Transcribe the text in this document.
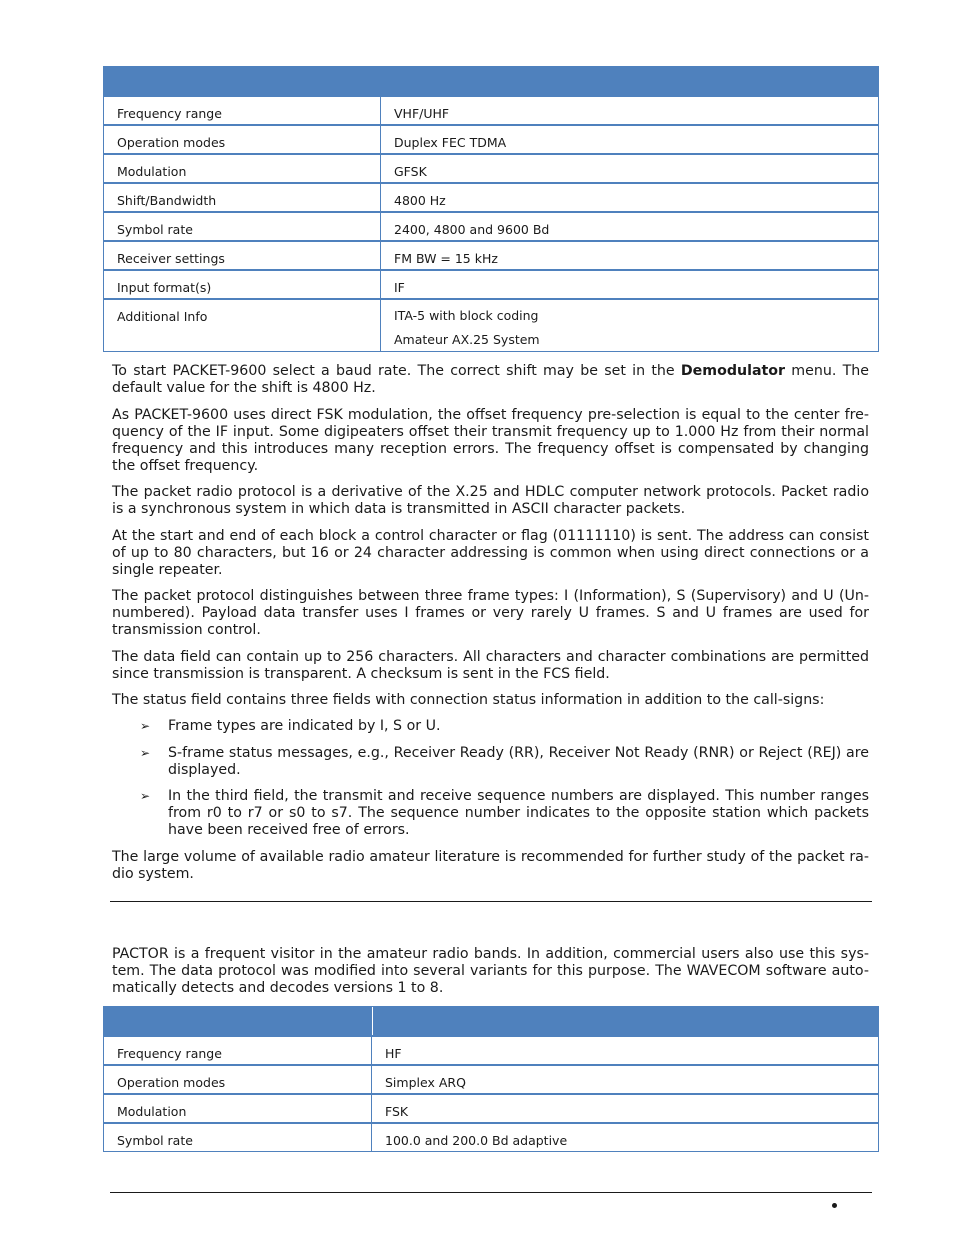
Frequency range	VHF/UHF
Operation modes	Duplex FEC TDMA
Modulation	GFSK
Shift/Bandwidth	4800 Hz
Symbol rate	2400, 4800 and 9600 Bd
Receiver settings	FM BW = 15 kHz
Input format(s)	IF
Additional Info	ITA-5 with block coding
Amateur AX.25 System

To start PACKET-9600 select a baud rate. The correct shift may be set in the Demodulator menu. The default value for the shift is 4800 Hz.

As PACKET-9600 uses direct FSK modulation, the offset frequency pre-selection is equal to the center fre-quency of the IF input. Some digipeaters offset their transmit frequency up to 1.000 Hz from their normal frequency and this introduces many reception errors. The frequency offset is compensated by changing the offset frequency.

The packet radio protocol is a derivative of the X.25 and HDLC computer network protocols. Packet radio is a synchronous system in which data is transmitted in ASCII character packets.

At the start and end of each block a control character or flag (01111110) is sent. The address can consist of up to 80 characters, but 16 or 24 character addressing is common when using direct connections or a single repeater.

The packet protocol distinguishes between three frame types: I (Information), S (Supervisory) and U (Un-numbered). Payload data transfer uses I frames or very rarely U frames. S and U frames are used for transmission control.

The data field can contain up to 256 characters. All characters and character combinations are permitted since transmission is transparent. A checksum is sent in the FCS field.

The status field contains three fields with connection status information in addition to the call-signs:

➢ Frame types are indicated by I, S or U.
➢ S-frame status messages, e.g., Receiver Ready (RR), Receiver Not Ready (RNR) or Reject (REJ) are displayed.
➢ In the third field, the transmit and receive sequence numbers are displayed. This number ranges from r0 to r7 or s0 to s7. The sequence number indicates to the opposite station which packets have been received free of errors.

The large volume of available radio amateur literature is recommended for further study of the packet ra-dio system.

PACTOR is a frequent visitor in the amateur radio bands. In addition, commercial users also use this sys-tem. The data protocol was modified into several variants for this purpose. The WAVECOM software auto-matically detects and decodes versions 1 to 8.

Frequency range	HF
Operation modes	Simplex ARQ
Modulation	FSK
Symbol rate	100.0 and 200.0 Bd adaptive
